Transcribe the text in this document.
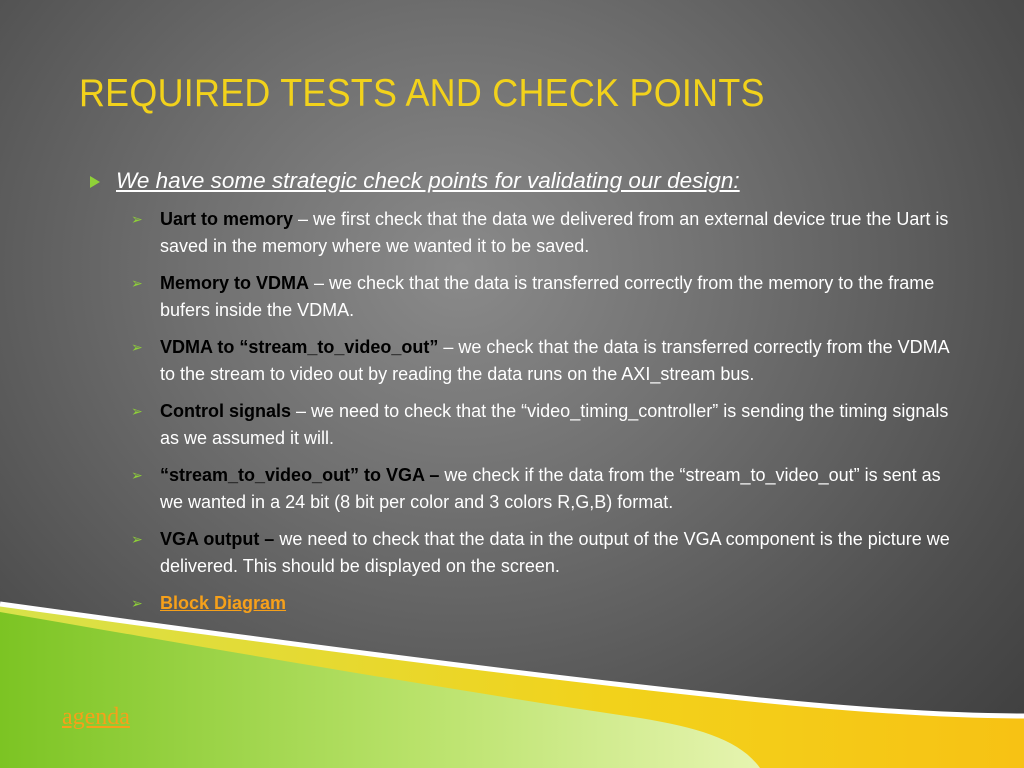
REQUIRED TESTS AND CHECK POINTS
We have some strategic check points for validating our design:
➢ Uart to memory – we first check that the data we delivered from an external device true the Uart is saved in the memory where we wanted it to be saved.
➢ Memory to VDMA – we check that the data is transferred correctly from the memory to the frame bufers inside the VDMA.
➢ VDMA to “stream_to_video_out” – we check that the data is transferred correctly from the VDMA to the stream to video out by reading the data runs on the AXI_stream bus.
➢ Control signals – we need to check that the “video_timing_controller” is sending the timing signals as we assumed it will.
➢ “stream_to_video_out” to VGA – we check if the data from the “stream_to_video_out” is sent as we wanted in a 24 bit (8 bit per color and 3 colors R,G,B) format.
➢ VGA output – we need to check that the data in the output of the VGA component is the picture we delivered. This should be displayed on the screen.
➢ Block Diagram
agenda
